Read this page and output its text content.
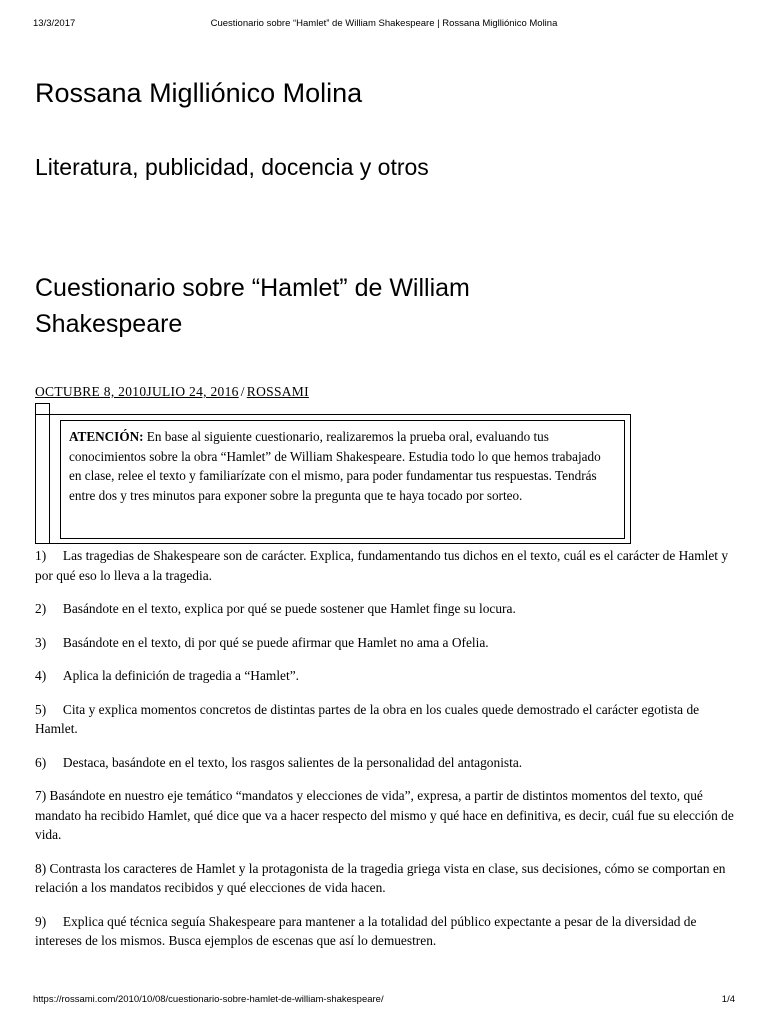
13/3/2017	Cuestionario sobre “Hamlet” de William Shakespeare | Rossana Miglliónico Molina
Rossana Miglliónico Molina

Literatura, publicidad, docencia y otros

Cuestionario sobre “Hamlet” de William Shakespeare
OCTUBRE 8, 2010JULIO 24, 2016 / ROSSAMI
ATENCIÓN: En base al siguiente cuestionario, realizaremos la prueba oral, evaluando tus conocimientos sobre la obra “Hamlet” de William Shakespeare. Estudia todo lo que hemos trabajado en clase, relee el texto y familiarízate con el mismo, para poder fundamentar tus respuestas. Tendrás entre dos y tres minutos para exponer sobre la pregunta que te haya tocado por sorteo.

1) Las tragedias de Shakespeare son de carácter. Explica, fundamentando tus dichos en el texto, cuál es el carácter de Hamlet y por qué eso lo lleva a la tragedia.

2) Basándote en el texto, explica por qué se puede sostener que Hamlet finge su locura.

3) Basándote en el texto, di por qué se puede afirmar que Hamlet no ama a Ofelia.

4) Aplica la definición de tragedia a “Hamlet”.

5) Cita y explica momentos concretos de distintas partes de la obra en los cuales quede demostrado el carácter egotista de Hamlet.

6) Destaca, basándote en el texto, los rasgos salientes de la personalidad del antagonista.

7) Basándote en nuestro eje temático “mandatos y elecciones de vida”, expresa, a partir de distintos momentos del texto, qué mandato ha recibido Hamlet, qué dice que va a hacer respecto del mismo y qué hace en definitiva, es decir, cuál fue su elección de vida.

8) Contrasta los caracteres de Hamlet y la protagonista de la tragedia griega vista en clase, sus decisiones, cómo se comportan en relación a los mandatos recibidos y qué elecciones de vida hacen.

9) Explica qué técnica seguía Shakespeare para mantener a la totalidad del público expectante a pesar de la diversidad de intereses de los mismos. Busca ejemplos de escenas que así lo demuestren.

https://rossami.com/2010/10/08/cuestionario-sobre-hamlet-de-william-shakespeare/	1/4
